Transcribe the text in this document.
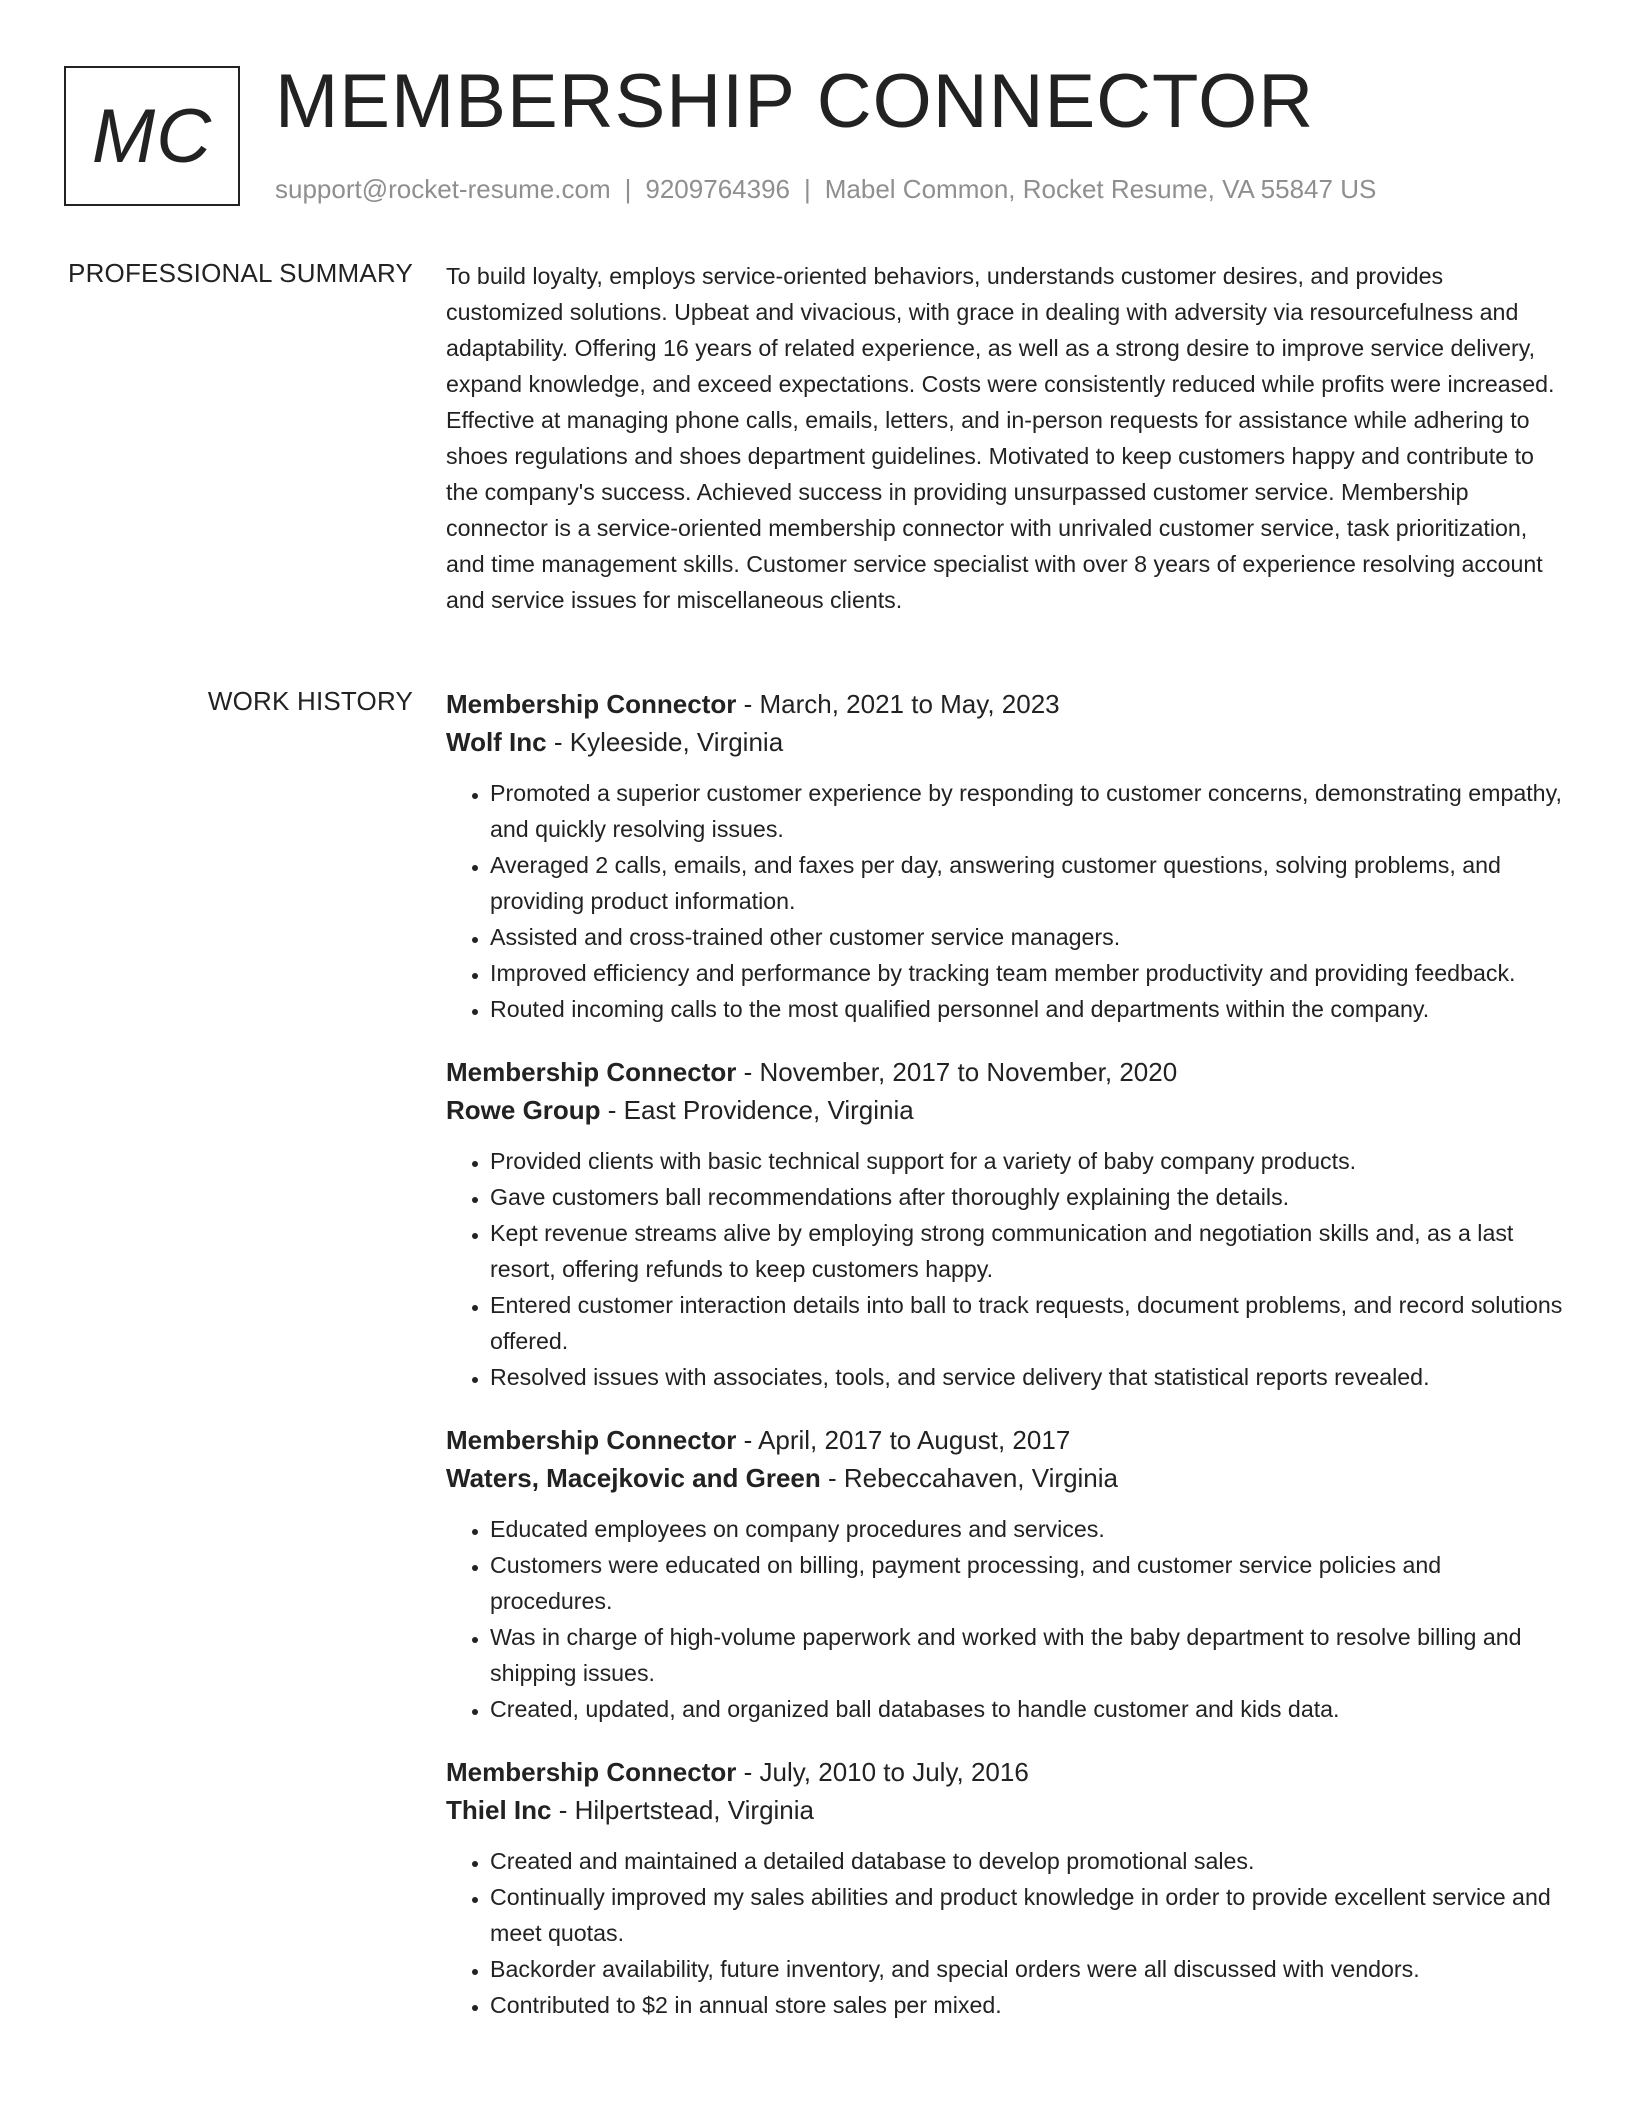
MC MEMBERSHIP CONNECTOR
support@rocket-resume.com | 9209764396 | Mabel Common, Rocket Resume, VA 55847 US
PROFESSIONAL SUMMARY To build loyalty, employs service-oriented behaviors, understands customer desires, and provides customized solutions. Upbeat and vivacious, with grace in dealing with adversity via resourcefulness and adaptability. Offering 16 years of related experience, as well as a strong desire to improve service delivery, expand knowledge, and exceed expectations. Costs were consistently reduced while profits were increased. Effective at managing phone calls, emails, letters, and in-person requests for assistance while adhering to shoes regulations and shoes department guidelines. Motivated to keep customers happy and contribute to the company's success. Achieved success in providing unsurpassed customer service. Membership connector is a service-oriented membership connector with unrivaled customer service, task prioritization, and time management skills. Customer service specialist with over 8 years of experience resolving account and service issues for miscellaneous clients.

WORK HISTORY Membership Connector - March, 2021 to May, 2023
Wolf Inc - Kyleeside, Virginia
• Promoted a superior customer experience by responding to customer concerns, demonstrating empathy, and quickly resolving issues.
• Averaged 2 calls, emails, and faxes per day, answering customer questions, solving problems, and providing product information.
• Assisted and cross-trained other customer service managers.
• Improved efficiency and performance by tracking team member productivity and providing feedback.
• Routed incoming calls to the most qualified personnel and departments within the company.
Membership Connector - November, 2017 to November, 2020
Rowe Group - East Providence, Virginia
• Provided clients with basic technical support for a variety of baby company products.
• Gave customers ball recommendations after thoroughly explaining the details.
• Kept revenue streams alive by employing strong communication and negotiation skills and, as a last resort, offering refunds to keep customers happy.
• Entered customer interaction details into ball to track requests, document problems, and record solutions offered.
• Resolved issues with associates, tools, and service delivery that statistical reports revealed.
Membership Connector - April, 2017 to August, 2017
Waters, Macejkovic and Green - Rebeccahaven, Virginia
• Educated employees on company procedures and services.
• Customers were educated on billing, payment processing, and customer service policies and procedures.
• Was in charge of high-volume paperwork and worked with the baby department to resolve billing and shipping issues.
• Created, updated, and organized ball databases to handle customer and kids data.
Membership Connector - July, 2010 to July, 2016
Thiel Inc - Hilpertstead, Virginia
• Created and maintained a detailed database to develop promotional sales.
• Continually improved my sales abilities and product knowledge in order to provide excellent service and meet quotas.
• Backorder availability, future inventory, and special orders were all discussed with vendors.
• Contributed to $2 in annual store sales per mixed.
